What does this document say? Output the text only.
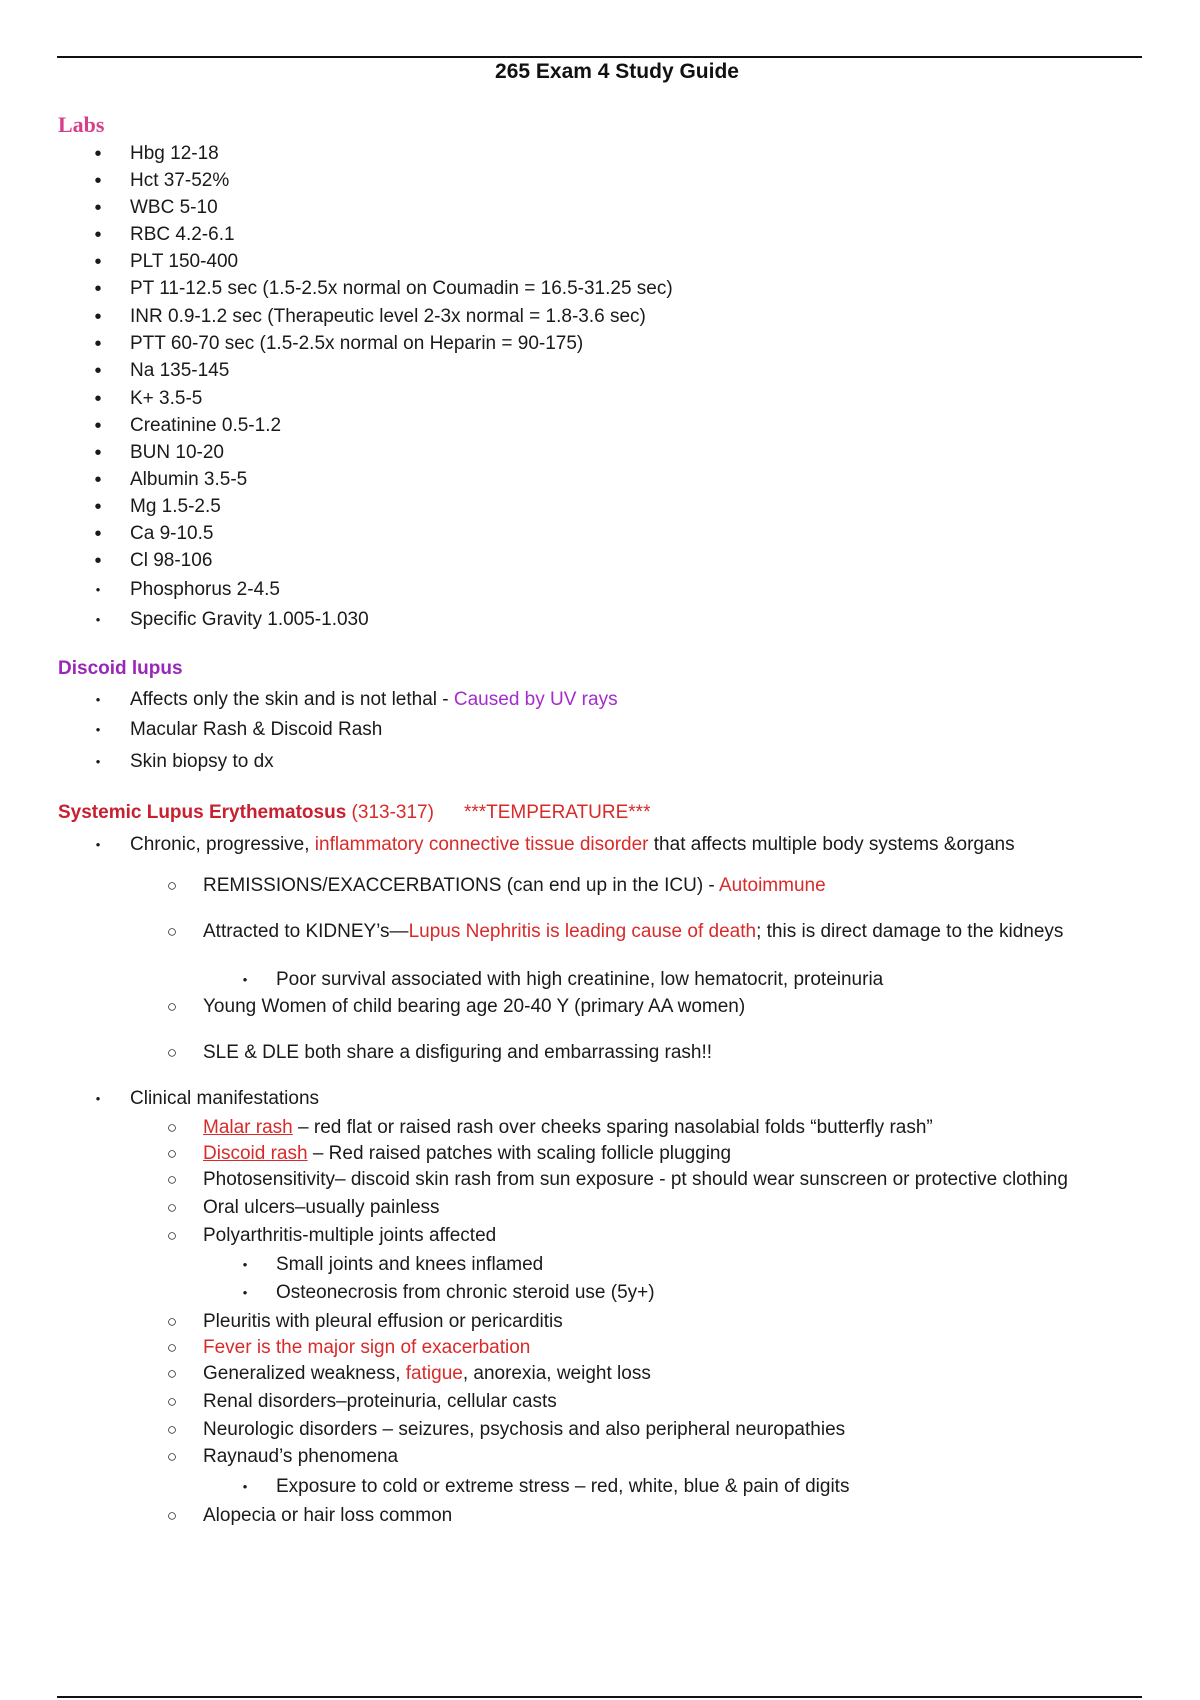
265 Exam 4 Study Guide
Labs
•	Hbg 12-18
•	Hct 37-52%
•	WBC 5-10
•	RBC 4.2-6.1
•	PLT 150-400
•	PT 11-12.5 sec (1.5-2.5x normal on Coumadin = 16.5-31.25 sec)
•	INR 0.9-1.2 sec (Therapeutic level 2-3x normal = 1.8-3.6 sec)
•	PTT 60-70 sec (1.5-2.5x normal on Heparin = 90-175)
•	Na 135-145
•	K+ 3.5-5
•	Creatinine 0.5-1.2
•	BUN 10-20
•	Albumin 3.5-5
•	Mg 1.5-2.5
•	Ca 9-10.5
•	Cl 98-106
•	Phosphorus 2-4.5
•	Specific Gravity 1.005-1.030
Discoid lupus
•	Affects only the skin and is not lethal - Caused by UV rays
•	Macular Rash & Discoid Rash
•	Skin biopsy to dx
Systemic Lupus Erythematosus (313-317) ***TEMPERATURE***
•	Chronic, progressive, inflammatory connective tissue disorder that affects multiple body systems &organs
○ REMISSIONS/EXACCERBATIONS (can end up in the ICU) - Autoimmune
○ Attracted to KIDNEY’s—Lupus Nephritis is leading cause of death; this is direct damage to the kidneys
•	Poor survival associated with high creatinine, low hematocrit, proteinuria
○ Young Women of child bearing age 20-40 Y (primary AA women)
○ SLE & DLE both share a disfiguring and embarrassing rash!!
•	Clinical manifestations
○ Malar rash – red flat or raised rash over cheeks sparing nasolabial folds “butterfly rash”
○ Discoid rash – Red raised patches with scaling follicle plugging
○ Photosensitivity– discoid skin rash from sun exposure - pt should wear sunscreen or protective clothing
○ Oral ulcers–usually painless
○ Polyarthritis-multiple joints affected
•	Small joints and knees inflamed
•	Osteonecrosis from chronic steroid use (5y+)
○ Pleuritis with pleural effusion or pericarditis
○ Fever is the major sign of exacerbation
○ Generalized weakness, fatigue, anorexia, weight loss
○ Renal disorders–proteinuria, cellular casts
○ Neurologic disorders – seizures, psychosis and also peripheral neuropathies
○ Raynaud’s phenomena
•	Exposure to cold or extreme stress – red, white, blue & pain of digits
○ Alopecia or hair loss common
